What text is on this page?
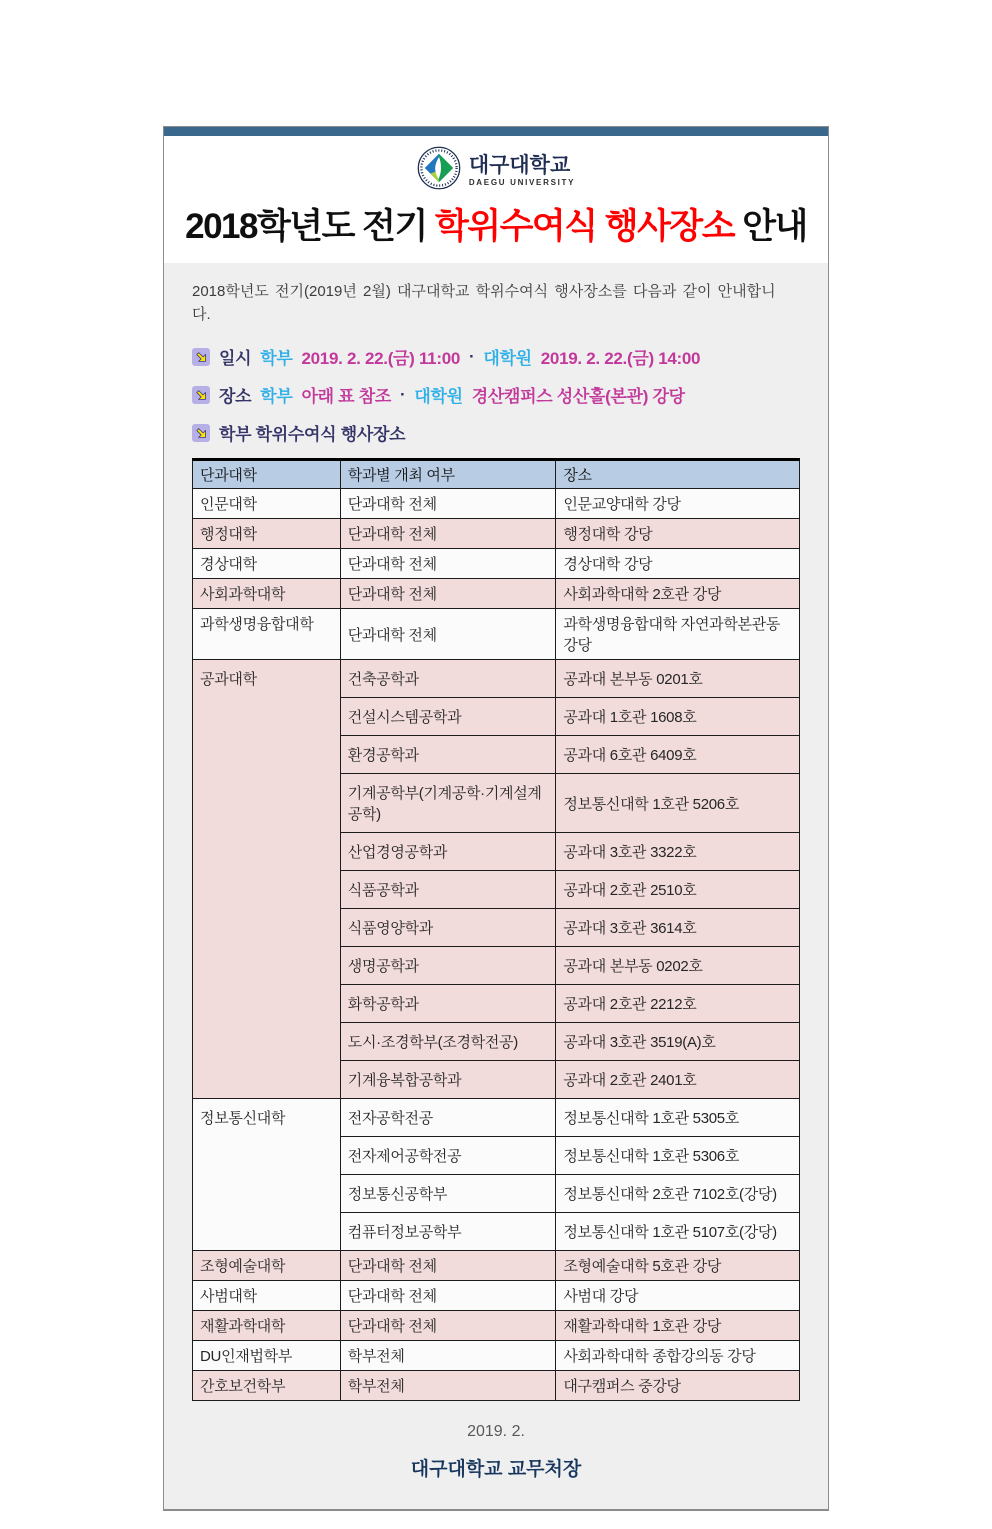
대구대학교
DAEGU UNIVERSITY
2018학년도 전기 학위수여식 행사장소 안내

2018학년도 전기(2019년 2월) 대구대학교 학위수여식 행사장소를 다음과 같이 안내합니다.

일시 학부 2019. 2. 22.(금) 11:00 · 대학원 2019. 2. 22.(금) 14:00
장소 학부 아래 표 참조 · 대학원 경산캠퍼스 성산홀(본관) 강당
학부 학위수여식 행사장소
단과대학	학과별 개최 여부	장소
인문대학	단과대학 전체	인문교양대학 강당
행정대학	단과대학 전체	행정대학 강당
경상대학	단과대학 전체	경상대학 강당
사회과학대학	단과대학 전체	사회과학대학 2호관 강당
과학생명융합대학	단과대학 전체	과학생명융합대학 자연과학본관동 강당
공과대학	건축공학과	공과대 본부동 0201호
	건설시스템공학과	공과대 1호관 1608호
	환경공학과	공과대 6호관 6409호
	기계공학부(기계공학·기계설계공학)	정보통신대학 1호관 5206호
	산업경영공학과	공과대 3호관 3322호
	식품공학과	공과대 2호관 2510호
	식품영양학과	공과대 3호관 3614호
	생명공학과	공과대 본부동 0202호
	화학공학과	공과대 2호관 2212호
	도시·조경학부(조경학전공)	공과대 3호관 3519(A)호
	기계융복합공학과	공과대 2호관 2401호
정보통신대학	전자공학전공	정보통신대학 1호관 5305호
	전자제어공학전공	정보통신대학 1호관 5306호
	정보통신공학부	정보통신대학 2호관 7102호(강당)
	컴퓨터정보공학부	정보통신대학 1호관 5107호(강당)
조형예술대학	단과대학 전체	조형예술대학 5호관 강당
사범대학	단과대학 전체	사범대 강당
재활과학대학	단과대학 전체	재활과학대학 1호관 강당
DU인재법학부	학부전체	사회과학대학 종합강의동 강당
간호보건학부	학부전체	대구캠퍼스 중강당
2019. 2.
대구대학교 교무처장
